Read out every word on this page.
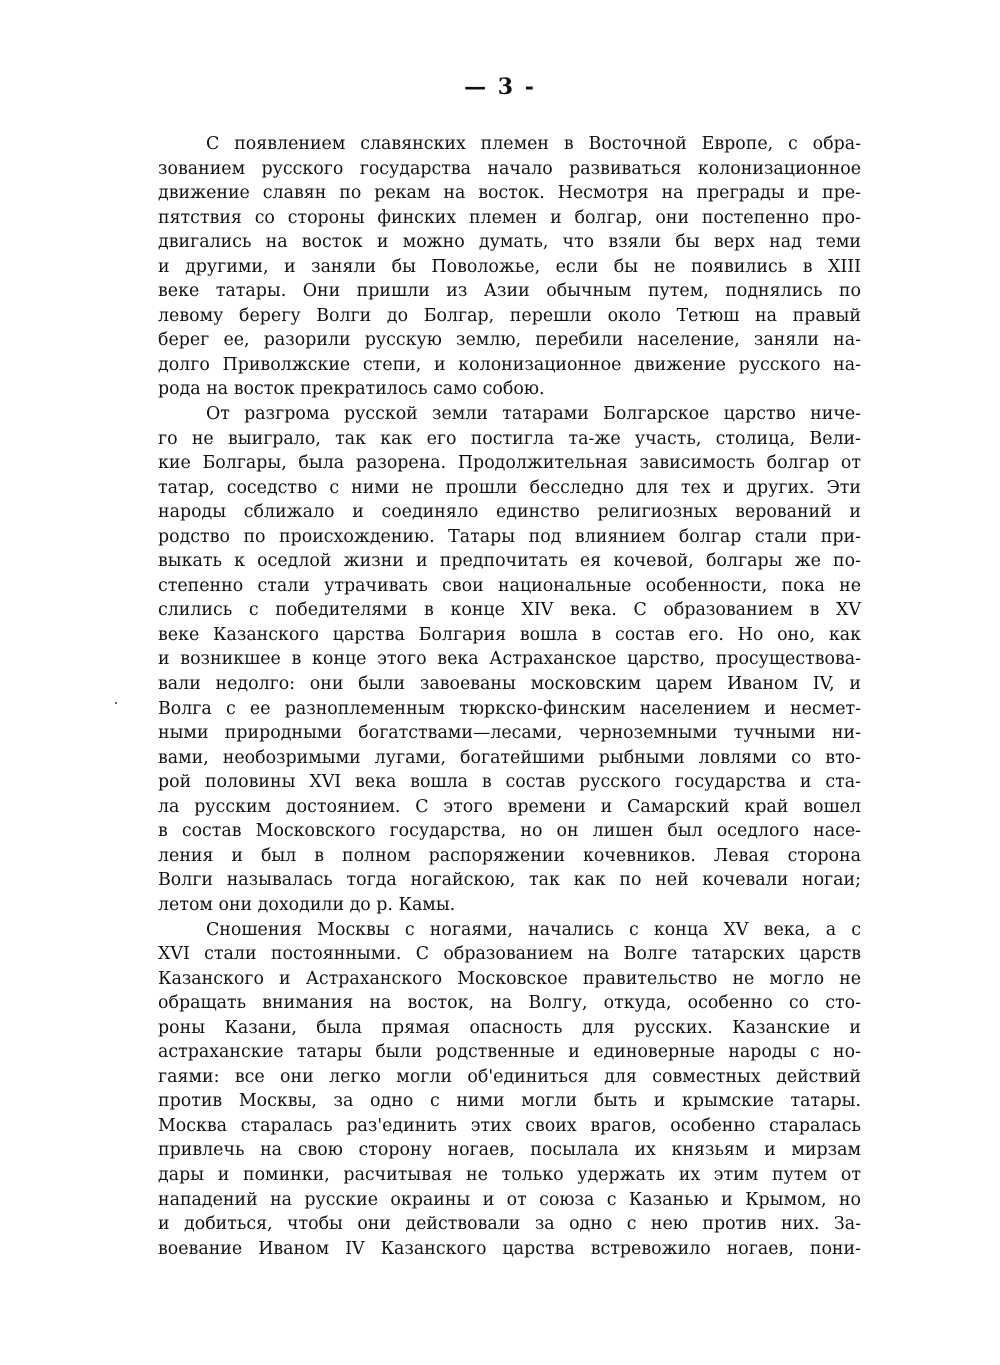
— 3 -
С появлением славянских племен в Восточной Европе, с обра-
зованием русского государства начало развиваться колонизационное
движение славян по рекам на восток. Несмотря на преграды и пре-
пятствия со стороны финских племен и болгар, они постепенно про-
двигались на восток и можно думать, что взяли бы верх над теми
и другими, и заняли бы Поволожье, если бы не появились в XIII
веке татары. Они пришли из Азии обычным путем, поднялись по
левому берегу Волги до Болгар, перешли около Тетюш на правый
берег ее, разорили русскую землю, перебили население, заняли на-
долго Приволжские степи, и колонизационное движение русского на-
рода на восток прекратилось само собою.
От разгрома русской земли татарами Болгарское царство ниче-
го не выиграло, так как его постигла та-же участь, столица, Вели-
кие Болгары, была разорена. Продолжительная зависимость болгар от
татар, соседство с ними не прошли бесследно для тех и других. Эти
народы сближало и соединяло единство религиозных верований и
родство по происхождению. Татары под влиянием болгар стали при-
выкать к оседлой жизни и предпочитать ея кочевой, болгары же по-
степенно стали утрачивать свои национальные особенности, пока не
слились с победителями в конце XIV века. С образованием в XV
веке Казанского царства Болгария вошла в состав его. Но оно, как
и возникшее в конце этого века Астраханское царство, просуществова-
вали недолго: они были завоеваны московским царем Иваном IV, и
Волга с ее разноплеменным тюркско-финским населением и несмет-
ными природными богатствами—лесами, черноземными тучными ни-
вами, необозримыми лугами, богатейшими рыбными ловлями со вто-
рой половины XVI века вошла в состав русского государства и ста-
ла русским достоянием. С этого времени и Самарский край вошел
в состав Московского государства, но он лишен был оседлого насе-
ления и был в полном распоряжении кочевников. Левая сторона
Волги называлась тогда ногайскою, так как по ней кочевали ногаи;
летом они доходили до р. Камы.
Сношения Москвы с ногаями, начались с конца XV века, а с
XVI стали постоянными. С образованием на Волге татарских царств
Казанского и Астраханского Московское правительство не могло не
обращать внимания на восток, на Волгу, откуда, особенно со сто-
роны Казани, была прямая опасность для русских. Казанские и
астраханские татары были родственные и единоверные народы с но-
гаями: все они легко могли об'единиться для совместных действий
против Москвы, за одно с ними могли быть и крымские татары.
Москва старалась раз'единить этих своих врагов, особенно старалась
привлечь на свою сторону ногаев, посылала их князьям и мирзам
дары и поминки, расчитывая не только удержать их этим путем от
нападений на русские окраины и от союза с Казанью и Крымом, но
и добиться, чтобы они действовали за одно с нею против них. За-
воевание Иваном IV Казанского царства встревожило ногаев, пони-
